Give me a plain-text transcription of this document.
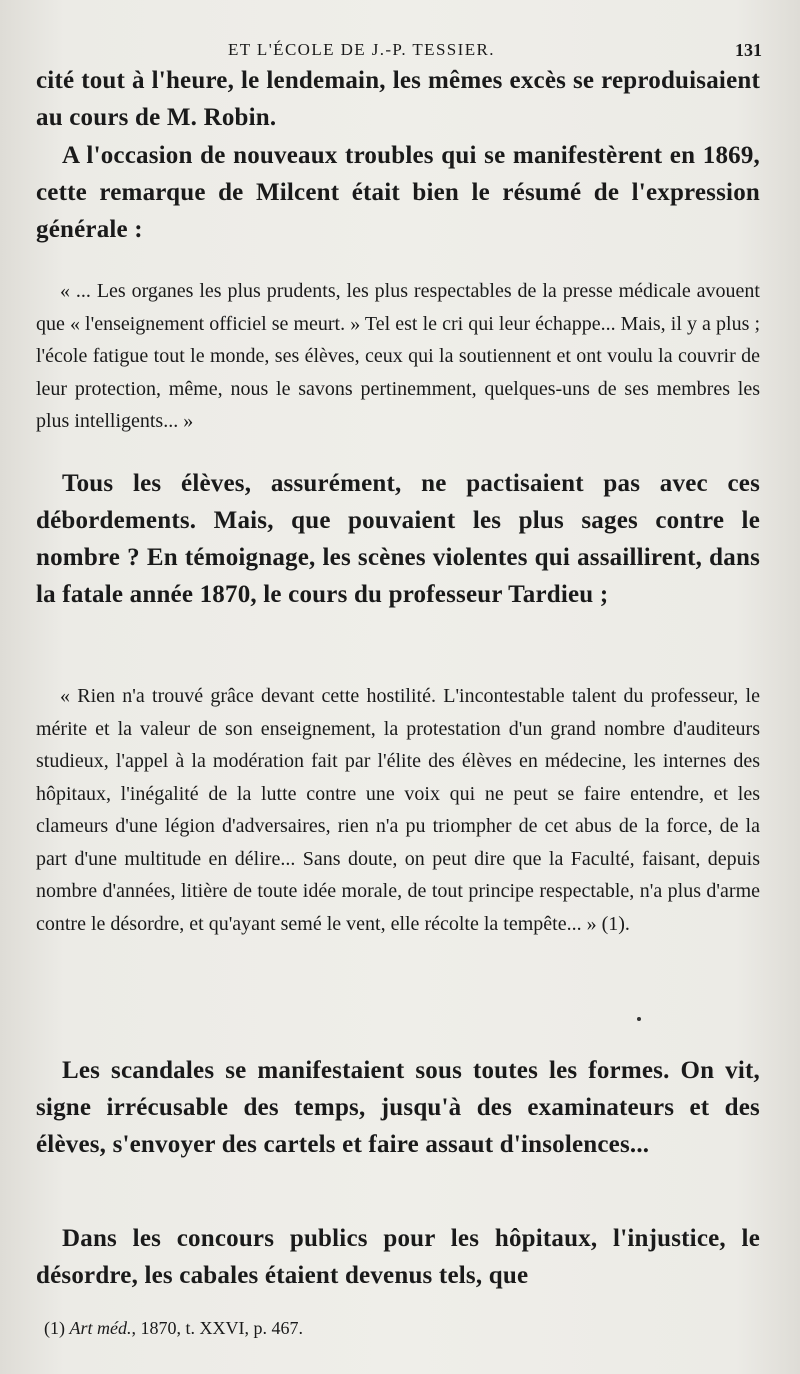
ET L'ÉCOLE DE J.-P. TESSIER.	131

cité tout à l'heure, le lendemain, les mêmes excès se reproduisaient au cours de M. Robin.

A l'occasion de nouveaux troubles qui se manifestèrent en 1869, cette remarque de Milcent était bien le résumé de l'expression générale :

« ... Les organes les plus prudents, les plus respectables de la presse médicale avouent que « l'enseignement officiel se meurt. » Tel est le cri qui leur échappe... Mais, il y a plus ; l'école fatigue tout le monde, ses élèves, ceux qui la soutiennent et ont voulu la couvrir de leur protection, même, nous le savons pertinemment, quelques-uns de ses membres les plus intelligents... »

Tous les élèves, assurément, ne pactisaient pas avec ces débordements. Mais, que pouvaient les plus sages contre le nombre ? En témoignage, les scènes violentes qui assaillirent, dans la fatale année 1870, le cours du professeur Tardieu ;

« Rien n'a trouvé grâce devant cette hostilité. L'incontestable talent du professeur, le mérite et la valeur de son enseignement, la protestation d'un grand nombre d'auditeurs studieux, l'appel à la modération fait par l'élite des élèves en médecine, les internes des hôpitaux, l'inégalité de la lutte contre une voix qui ne peut se faire entendre, et les clameurs d'une légion d'adversaires, rien n'a pu triompher de cet abus de la force, de la part d'une multitude en délire... Sans doute, on peut dire que la Faculté, faisant, depuis nombre d'années, litière de toute idée morale, de tout principe respectable, n'a plus d'arme contre le désordre, et qu'ayant semé le vent, elle récolte la tempête... » (1).

Les scandales se manifestaient sous toutes les formes. On vit, signe irrécusable des temps, jusqu'à des examinateurs et des élèves, s'envoyer des cartels et faire assaut d'insolences...

Dans les concours publics pour les hôpitaux, l'injustice, le désordre, les cabales étaient devenus tels, que

(1) Art méd., 1870, t. XXVI, p. 467.
